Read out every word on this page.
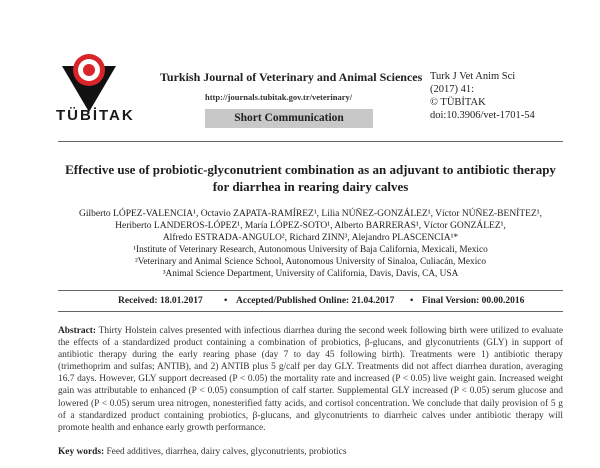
TÜBİTAK
Turkish Journal of Veterinary and Animal Sciences
http://journals.tubitak.gov.tr/veterinary/
Short Communication
Turk J Vet Anim Sci
(2017) 41:
© TÜBİTAK
doi:10.3906/vet-1701-54
Effective use of probiotic-glyconutrient combination as an adjuvant to antibiotic therapy
for diarrhea in rearing dairy calves
Gilberto LÓPEZ-VALENCIA¹, Octavio ZAPATA-RAMÍREZ¹, Lilia NÚÑEZ-GONZÁLEZ¹, Víctor NÚÑEZ-BENÍTEZ¹,
Heriberto LANDEROS-LÓPEZ¹, María LÓPEZ-SOTO¹, Alberto BARRERAS¹, Víctor GONZÁLEZ¹,
Alfredo ESTRADA-ANGULO², Richard ZINN³, Alejandro PLASCENCIA¹*
¹Institute of Veterinary Research, Autonomous University of Baja California, Mexicali, Mexico
²Veterinary and Animal Science School, Autonomous University of Sinaloa, Culiacán, Mexico
³Animal Science Department, University of California, Davis, Davis, CA, USA
Received: 18.01.2017 • Accepted/Published Online: 21.04.2017 • Final Version: 00.00.2016
Abstract: Thirty Holstein calves presented with infectious diarrhea during the second week following birth were utilized to evaluate the effects of a standardized product containing a combination of probiotics, β-glucans, and glyconutrients (GLY) in support of antibiotic therapy during the early rearing phase (day 7 to day 45 following birth). Treatments were 1) antibiotic therapy (trimethoprim and sulfas; ANTIB), and 2) ANTIB plus 5 g/calf per day GLY. Treatments did not affect diarrhea duration, averaging 16.7 days. However, GLY support decreased (P < 0.05) the mortality rate and increased (P < 0.05) live weight gain. Increased weight gain was attributable to enhanced (P < 0.05) consumption of calf starter. Supplemental GLY increased (P < 0.05) serum glucose and lowered (P < 0.05) serum urea nitrogen, nonesterified fatty acids, and cortisol concentration. We conclude that daily provision of 5 g of a standardized product containing probiotics, β-glucans, and glyconutrients to diarrheic calves under antibiotic therapy will promote health and enhance early growth performance.
Key words: Feed additives, diarrhea, dairy calves, glyconutrients, probiotics
